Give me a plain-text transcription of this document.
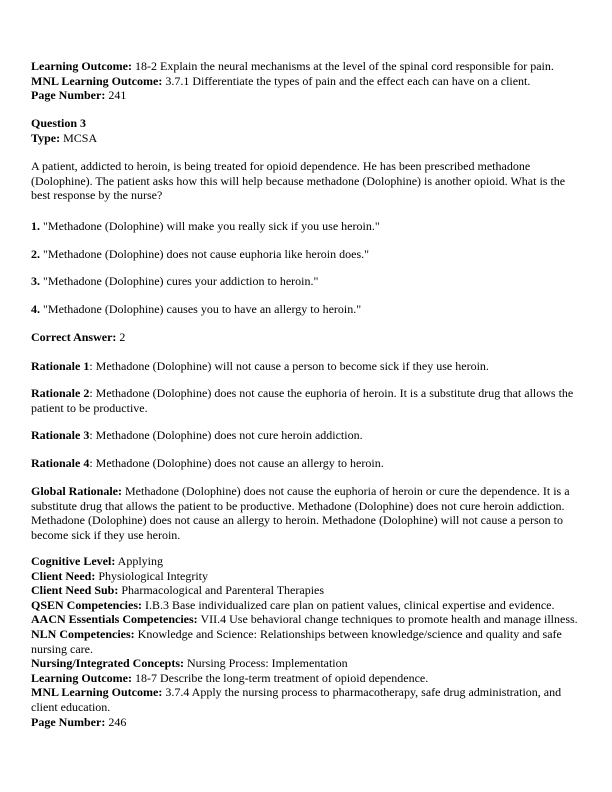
Learning Outcome: 18-2 Explain the neural mechanisms at the level of the spinal cord responsible for pain.
MNL Learning Outcome: 3.7.1 Differentiate the types of pain and the effect each can have on a client.
Page Number: 241
Question 3
Type: MCSA
A patient, addicted to heroin, is being treated for opioid dependence. He has been prescribed methadone (Dolophine). The patient asks how this will help because methadone (Dolophine) is another opioid. What is the best response by the nurse?
1. "Methadone (Dolophine) will make you really sick if you use heroin."
2. "Methadone (Dolophine) does not cause euphoria like heroin does."
3. "Methadone (Dolophine) cures your addiction to heroin."
4. "Methadone (Dolophine) causes you to have an allergy to heroin."
Correct Answer: 2
Rationale 1: Methadone (Dolophine) will not cause a person to become sick if they use heroin.
Rationale 2: Methadone (Dolophine) does not cause the euphoria of heroin. It is a substitute drug that allows the patient to be productive.
Rationale 3: Methadone (Dolophine) does not cure heroin addiction.
Rationale 4: Methadone (Dolophine) does not cause an allergy to heroin.
Global Rationale: Methadone (Dolophine) does not cause the euphoria of heroin or cure the dependence. It is a substitute drug that allows the patient to be productive. Methadone (Dolophine) does not cure heroin addiction. Methadone (Dolophine) does not cause an allergy to heroin. Methadone (Dolophine) will not cause a person to become sick if they use heroin.
Cognitive Level: Applying
Client Need: Physiological Integrity
Client Need Sub: Pharmacological and Parenteral Therapies
QSEN Competencies: I.B.3 Base individualized care plan on patient values, clinical expertise and evidence.
AACN Essentials Competencies: VII.4 Use behavioral change techniques to promote health and manage illness.
NLN Competencies: Knowledge and Science: Relationships between knowledge/science and quality and safe nursing care.
Nursing/Integrated Concepts: Nursing Process: Implementation
Learning Outcome: 18-7 Describe the long-term treatment of opioid dependence.
MNL Learning Outcome: 3.7.4 Apply the nursing process to pharmacotherapy, safe drug administration, and client education.
Page Number: 246
